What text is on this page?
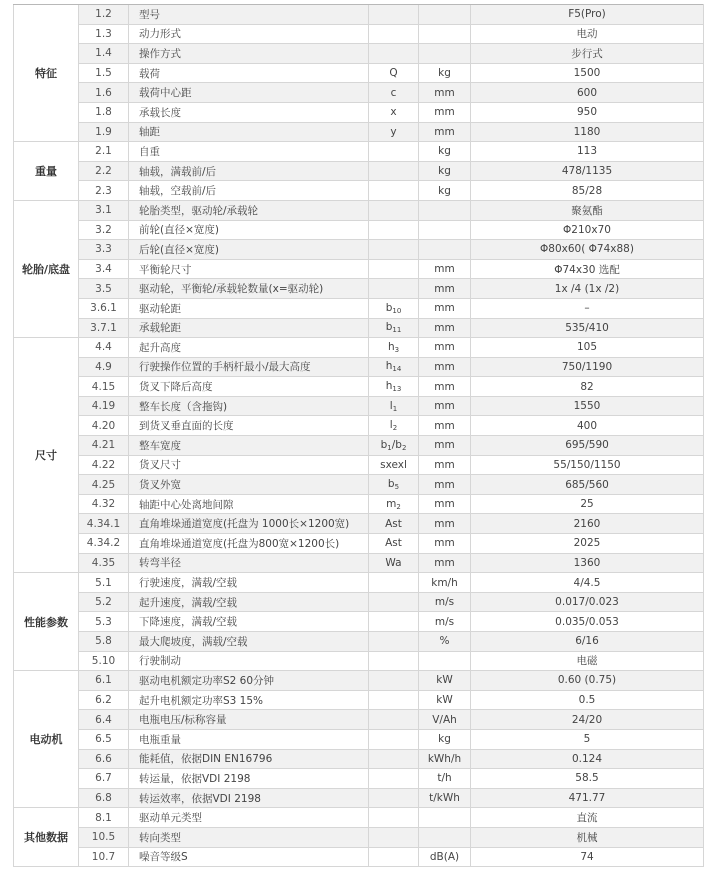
特征	1.2	型号			F5(Pro)
	1.3	动力形式			电动
	1.4	操作方式			步行式
	1.5	载荷	Q	kg	1500
	1.6	载荷中心距	c	mm	600
	1.8	承载长度	x	mm	950
	1.9	轴距	y	mm	1180
重量	2.1	自重		kg	113
	2.2	轴载，满载前/后		kg	478/1135
	2.3	轴载，空载前/后		kg	85/28
轮胎/底盘	3.1	轮胎类型，驱动轮/承载轮			聚氨酯
	3.2	前轮(直径×宽度)			Φ210x70
	3.3	后轮(直径×宽度)			Φ80x60( Φ74x88)
	3.4	平衡轮尺寸		mm	Φ74x30 选配
	3.5	驱动轮，平衡轮/承载轮数量(x=驱动轮)		mm	1x /4 (1x /2)
	3.6.1	驱动轮距	$b_{10}$	mm	–
	3.7.1	承载轮距	$b_{11}$	mm	535/410
尺寸	4.4	起升高度	$h_3$	mm	105
	4.9	行驶操作位置的手柄杆最小/最大高度	$h_{14}$	mm	750/1190
	4.15	货叉下降后高度	$h_{13}$	mm	82
	4.19	整车长度（含拖钩)	$l_1$	mm	1550
	4.20	到货叉垂直面的长度	$l_2$	mm	400
	4.21	整车宽度	$b_1/b_2$	mm	695/590
	4.22	货叉尺寸	sxexl	mm	55/150/1150
	4.25	货叉外宽	$b_5$	mm	685/560
	4.32	轴距中心处离地间隙	$m_2$	mm	25
	4.34.1	直角堆垛通道宽度(托盘为 1000长×1200宽)	Ast	mm	2160
	4.34.2	直角堆垛通道宽度(托盘为800宽×1200长)	Ast	mm	2025
	4.35	转弯半径	Wa	mm	1360
性能参数	5.1	行驶速度，满载/空载		km/h	4/4.5
	5.2	起升速度，满载/空载		m/s	0.017/0.023
	5.3	下降速度，满载/空载		m/s	0.035/0.053
	5.8	最大爬坡度，满载/空载		%	6/16
	5.10	行驶制动			电磁
电动机	6.1	驱动电机额定功率S2 60分钟		kW	0.60 (0.75)
	6.2	起升电机额定功率S3 15%		kW	0.5
	6.4	电瓶电压/标称容量		V/Ah	24/20
	6.5	电瓶重量		kg	5
	6.6	能耗值，依据DIN EN16796		kWh/h	0.124
	6.7	转运量，依据VDI 2198		t/h	58.5
	6.8	转运效率，依据VDI 2198		t/kWh	471.77
其他数据	8.1	驱动单元类型			直流
	10.5	转向类型			机械
	10.7	噪音等级S		dB(A)	74
